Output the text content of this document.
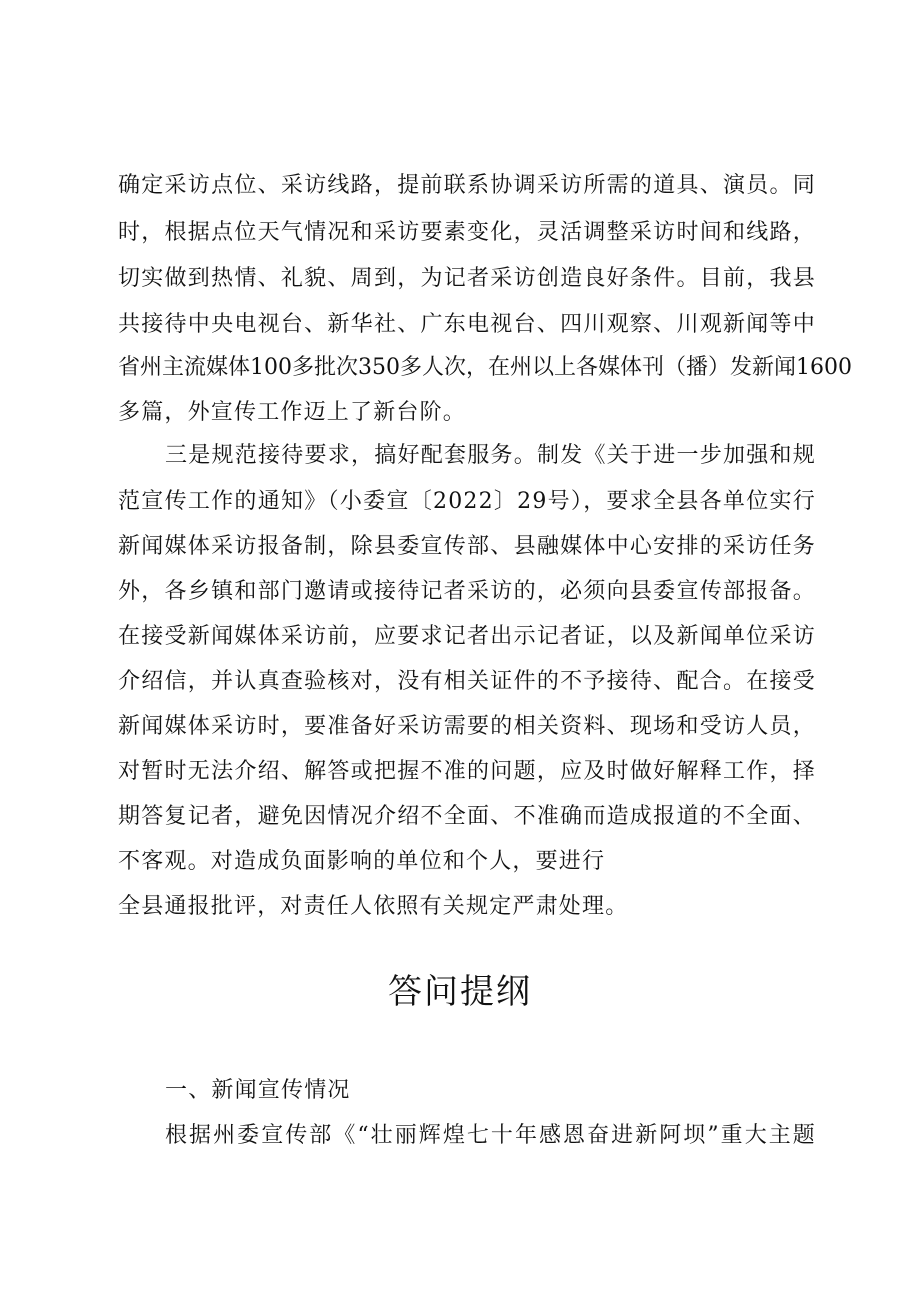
确定采访点位、采访线路，提前联系协调采访所需的道具、演员。同
时，根据点位天气情况和采访要素变化，灵活调整采访时间和线路，
切实做到热情、礼貌、周到，为记者采访创造良好条件。目前，我县
共接待中央电视台、新华社、广东电视台、四川观察、川观新闻等中
省州主流媒体100多批次350多人次，在州以上各媒体刊（播）发新闻1600
多篇，外宣传工作迈上了新台阶。
三是规范接待要求，搞好配套服务。制发《关于进一步加强和规
范宣传工作的通知》（小委宣〔2022〕29号），要求全县各单位实行
新闻媒体采访报备制，除县委宣传部、县融媒体中心安排的采访任务
外，各乡镇和部门邀请或接待记者采访的，必须向县委宣传部报备。
在接受新闻媒体采访前，应要求记者出示记者证，以及新闻单位采访
介绍信，并认真查验核对，没有相关证件的不予接待、配合。在接受
新闻媒体采访时，要准备好采访需要的相关资料、现场和受访人员，
对暂时无法介绍、解答或把握不准的问题，应及时做好解释工作，择
期答复记者，避免因情况介绍不全面、不准确而造成报道的不全面、
不客观。对造成负面影响的单位和个人，要进行
全县通报批评，对责任人依照有关规定严肃处理。
答问提纲
一、新闻宣传情况
根据州委宣传部《“壮丽辉煌七十年感恩奋进新阿坝”重大主题
